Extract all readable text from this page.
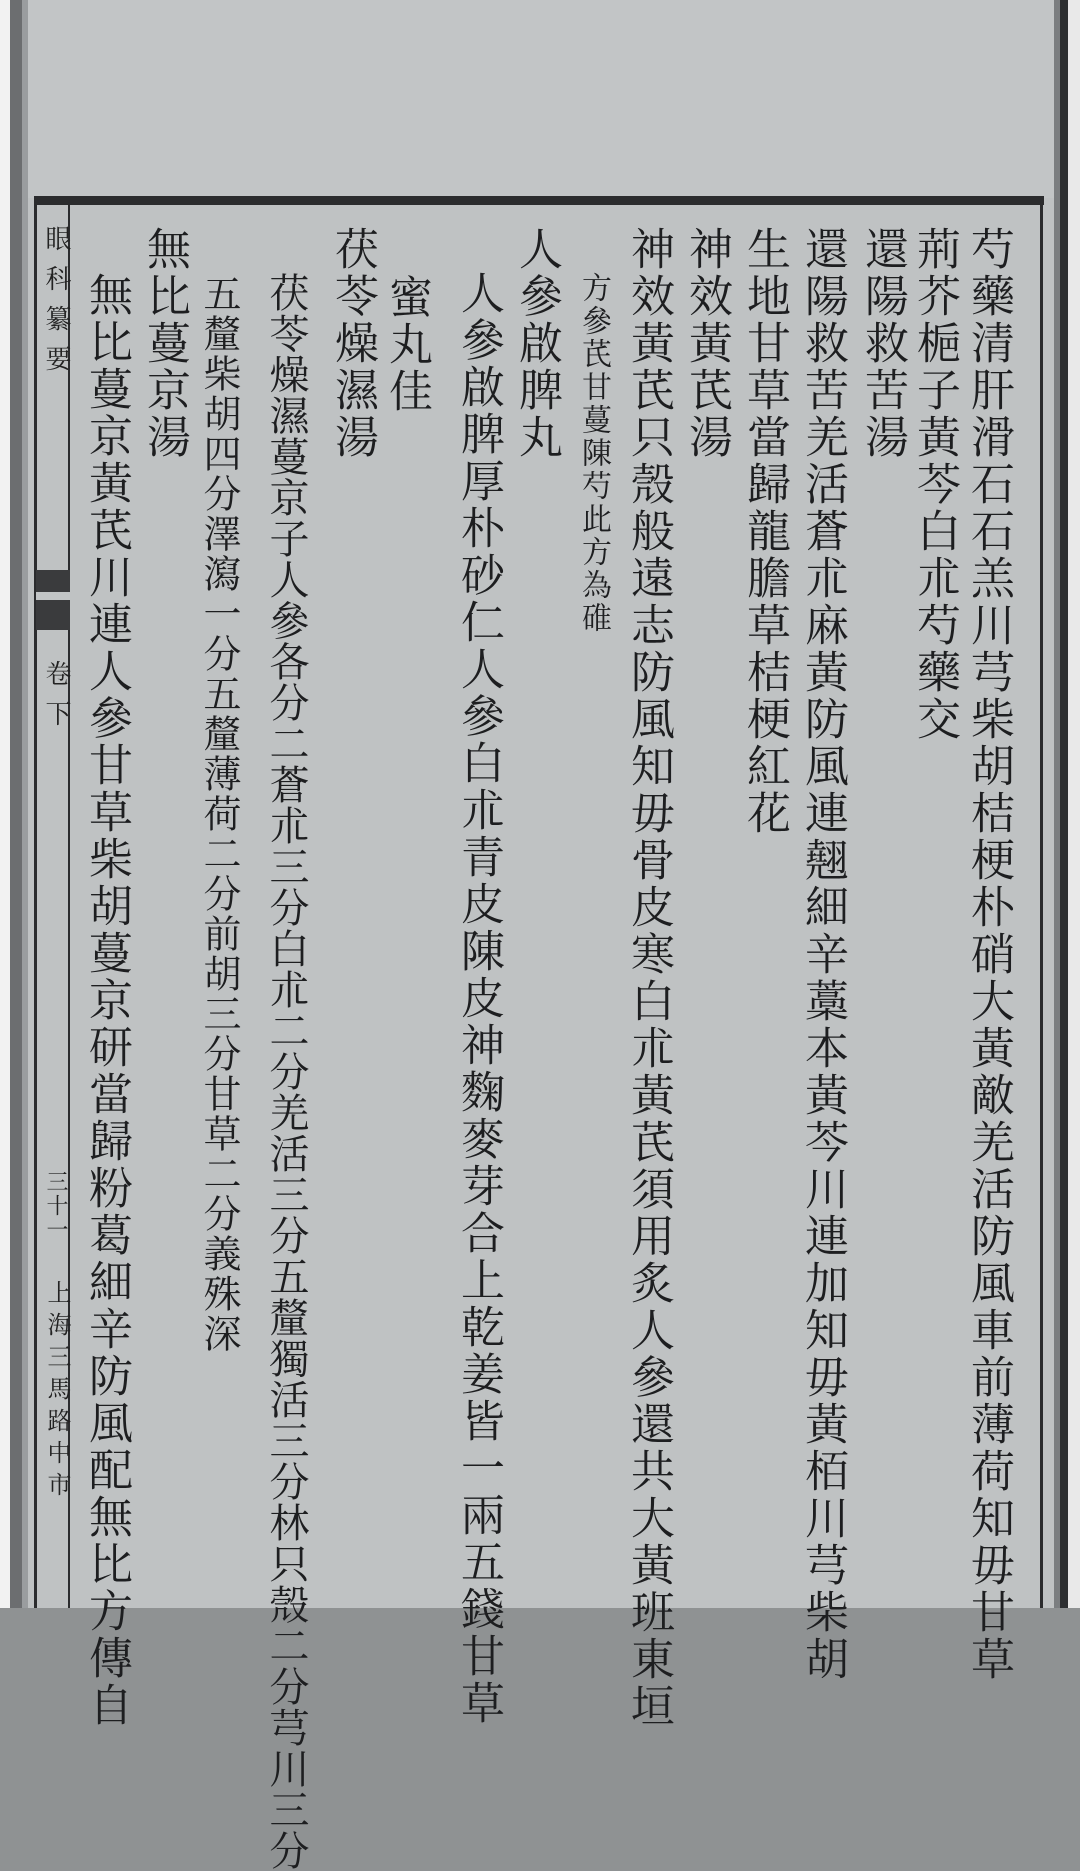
眼科纂要
卷下
三十一
上海三馬路中市	芍藥清肝滑石石羔川芎柴胡桔梗朴硝大黃敵羌活防風車前薄荷知毋甘草
荊芥梔子黃芩白朮芍藥交
還陽救苦湯
還陽救苦羌活蒼朮麻黃防風連翹細辛藁本黃芩川連加知毋黃栢川芎柴胡
生地甘草當歸龍膽草桔梗紅花
神效黃芪湯
神效黃芪只殼般遠志防風知毋骨皮寒白朮黃芪須用炙人參還共大黃班東垣
方參芪甘蔓陳芍此方為碓
人參啟脾丸
人參啟脾厚朴砂仁人參白朮青皮陳皮神麴麥芽合上乾姜皆一兩五錢甘草
蜜丸佳
茯苓燥濕湯
茯苓燥濕蔓京子人參各分二蒼朮三分白朮二分羌活三分五釐獨活三分林只殼二分芎川三分
五釐柴胡四分澤瀉一分五釐薄荷二分前胡三分甘草二分義殊深
無比蔓京湯
無比蔓京黃芪川連人參甘草柴胡蔓京研當歸粉葛細辛防風配無比方傳自
